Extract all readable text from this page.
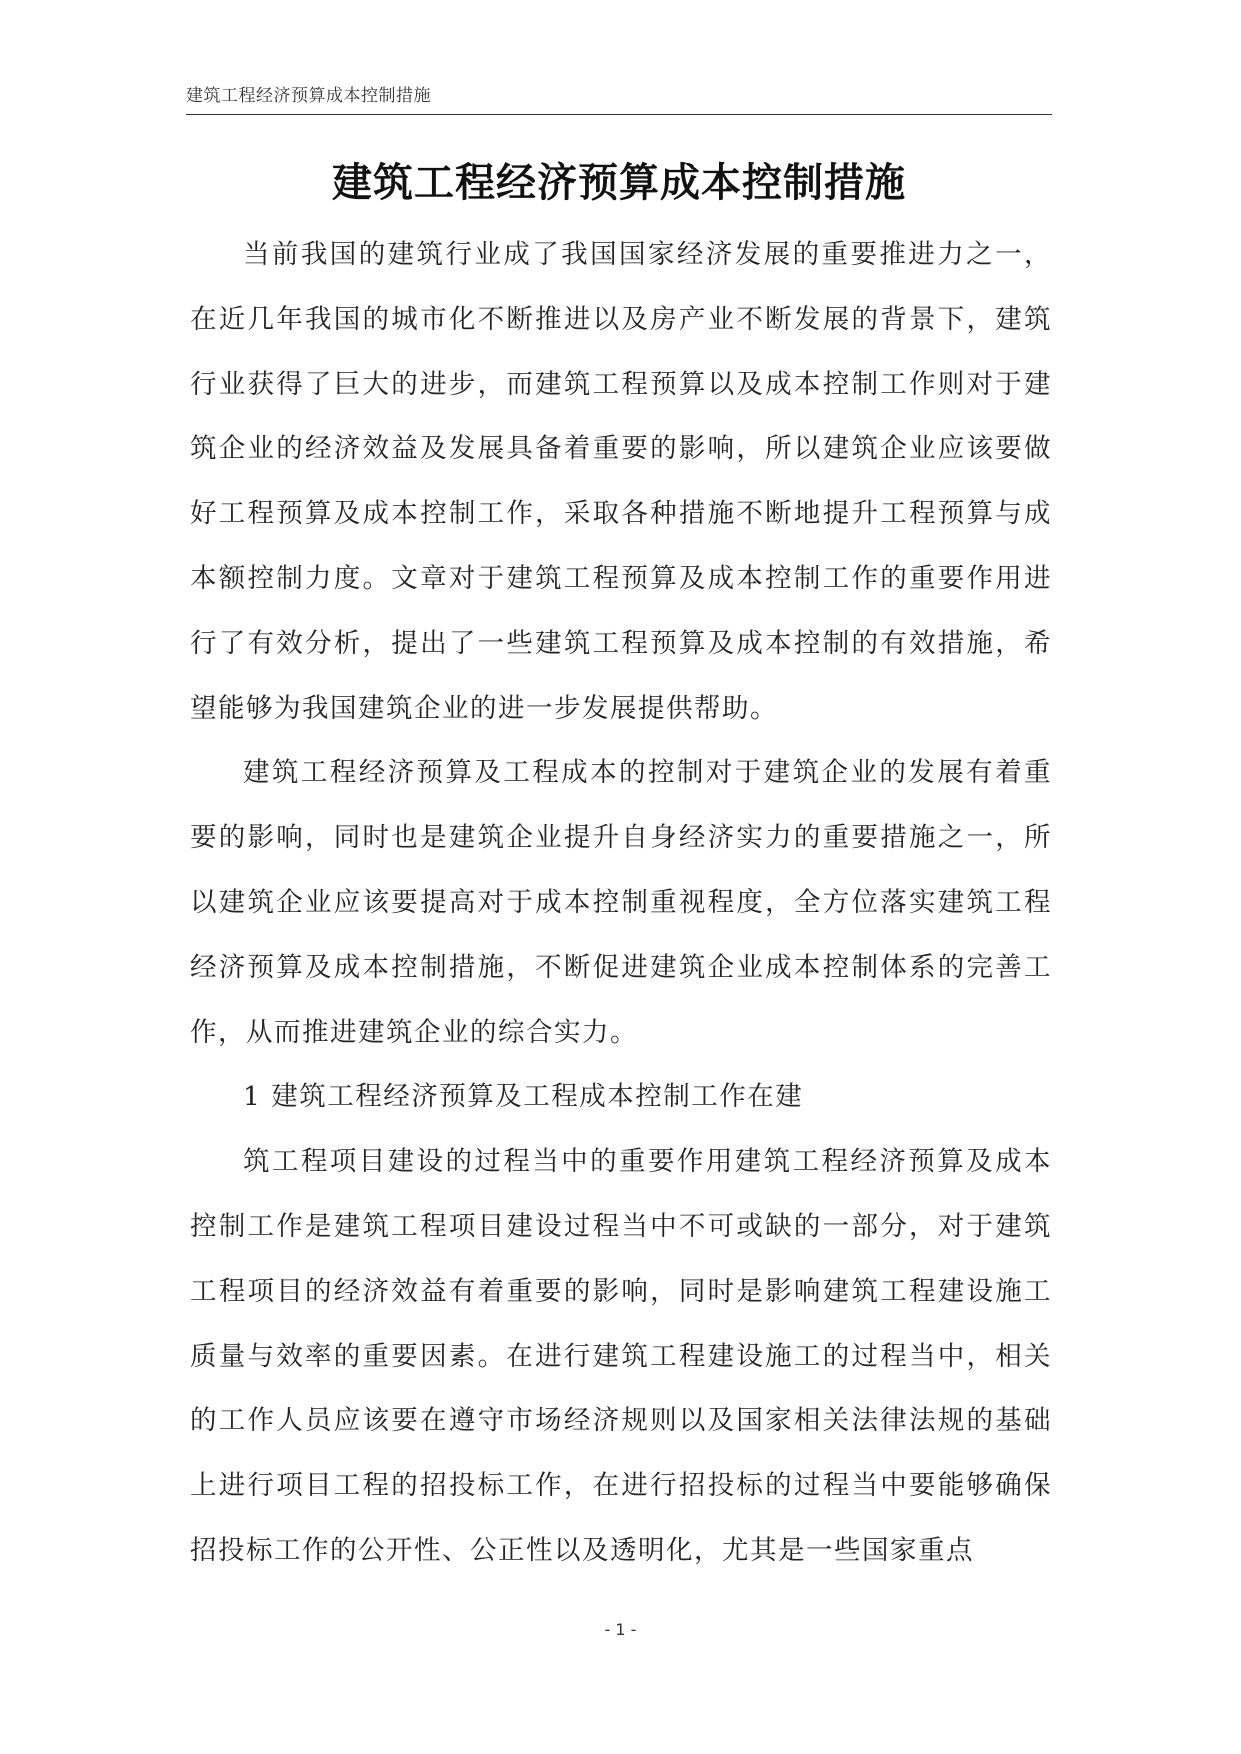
建筑工程经济预算成本控制措施
建筑工程经济预算成本控制措施

当前我国的建筑行业成了我国国家经济发展的重要推进力之一，在近几年我国的城市化不断推进以及房产业不断发展的背景下，建筑行业获得了巨大的进步，而建筑工程预算以及成本控制工作则对于建筑企业的经济效益及发展具备着重要的影响，所以建筑企业应该要做好工程预算及成本控制工作，采取各种措施不断地提升工程预算与成本额控制力度。文章对于建筑工程预算及成本控制工作的重要作用进行了有效分析，提出了一些建筑工程预算及成本控制的有效措施，希望能够为我国建筑企业的进一步发展提供帮助。

建筑工程经济预算及工程成本的控制对于建筑企业的发展有着重要的影响，同时也是建筑企业提升自身经济实力的重要措施之一，所以建筑企业应该要提高对于成本控制重视程度，全方位落实建筑工程经济预算及成本控制措施，不断促进建筑企业成本控制体系的完善工作，从而推进建筑企业的综合实力。

1 建筑工程经济预算及工程成本控制工作在建

筑工程项目建设的过程当中的重要作用建筑工程经济预算及成本控制工作是建筑工程项目建设过程当中不可或缺的一部分，对于建筑工程项目的经济效益有着重要的影响，同时是影响建筑工程建设施工质量与效率的重要因素。在进行建筑工程建设施工的过程当中，相关的工作人员应该要在遵守市场经济规则以及国家相关法律法规的基础上进行项目工程的招投标工作，在进行招投标的过程当中要能够确保招投标工作的公开性、公正性以及透明化，尤其是一些国家重点

- 1 -
